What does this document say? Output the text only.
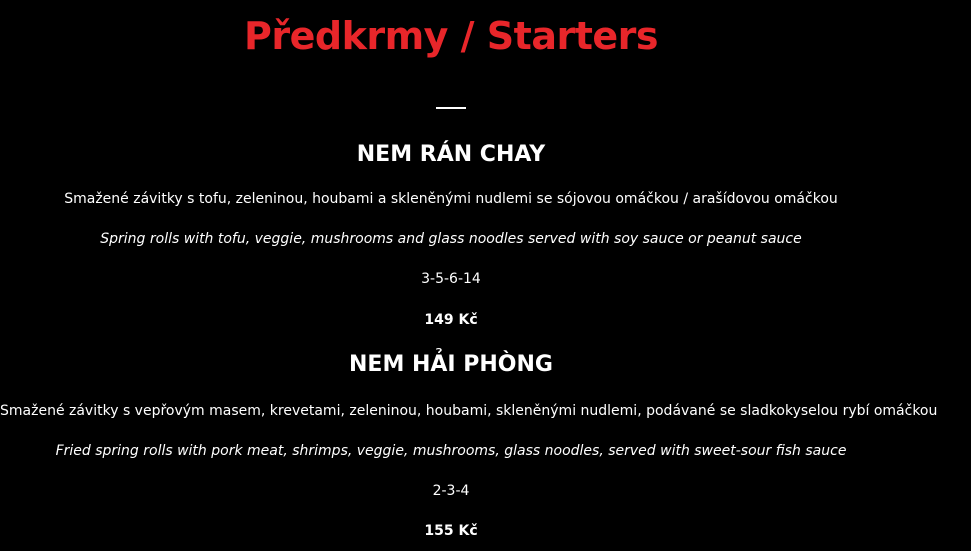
Předkrmy / Starters
NEM RÁN CHAY
Smažené závitky s tofu, zeleninou, houbami a skleněnými nudlemi se sójovou omáčkou / arašídovou omáčkou
Spring rolls with tofu, veggie, mushrooms and glass noodles served with soy sauce or peanut sauce
3-5-6-14
149 Kč
NEM HẢI PHÒNG
Smažené závitky s vepřovým masem, krevetami, zeleninou, houbami, skleněnými nudlemi, podávané se sladkokyselou rybí omáčkou
Fried spring rolls with pork meat, shrimps, veggie, mushrooms, glass noodles, served with sweet-sour fish sauce
2-3-4
155 Kč
